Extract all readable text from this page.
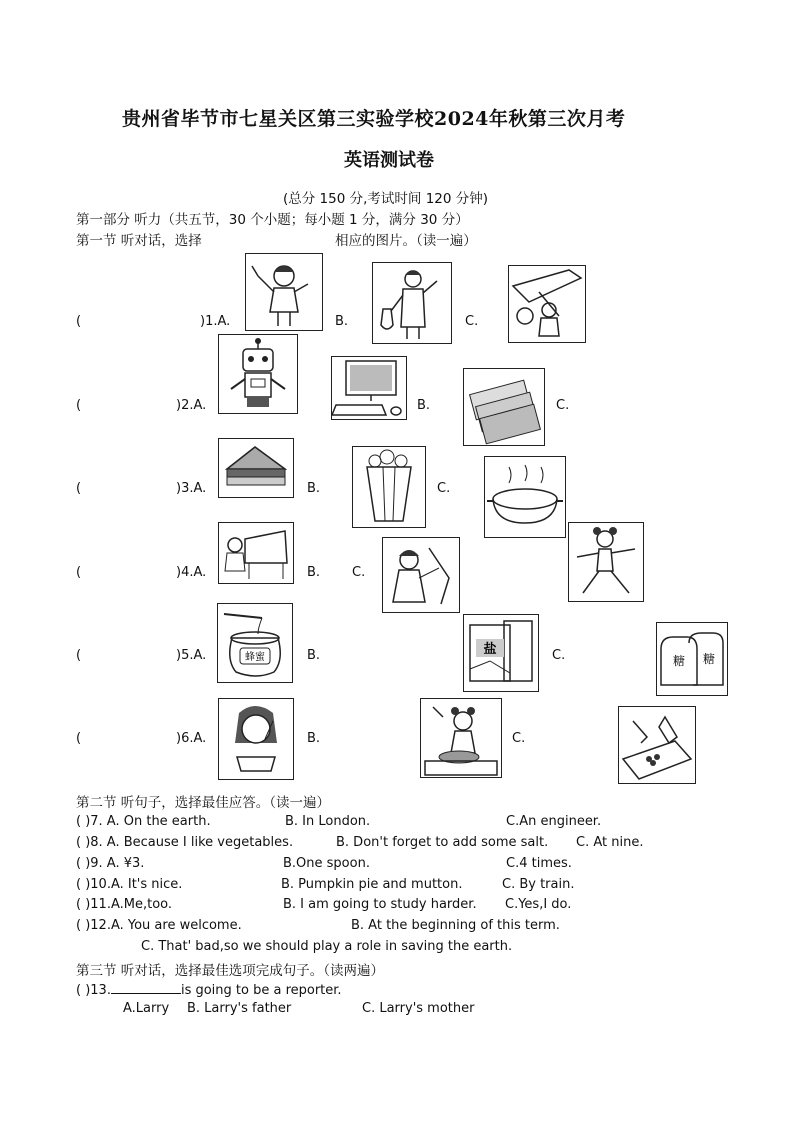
贵州省毕节市七星关区第三实验学校2024年秋第三次月考
英语测试卷
(总分 150 分,考试时间 120 分钟)
第一部分 听力（共五节，30 个小题；每小题 1 分，满分 30 分）
第一节 听对话，选择	相应的图片。（读一遍）
(	)1.A.	B.	C.
(	)2.A.	B.	C.
(	)3.A.	B.	C.
(	)4.A.	B. C.
(	)5.A.	B.	C.
蜂蜜
盐
糖 糖
(	)6.A.	B.	C.
第二节 听句子，选择最佳应答。（读一遍）
( )7. A. On the earth.	B. In London.	C.An engineer.
( )8. A. Because I like vegetables.	B. Don't forget to add some salt. C. At nine.
( )9. A. ¥3.	B.One spoon.	C.4 times.
( )10.A. It's nice.	B. Pumpkin pie and mutton.	C. By train.
( )11.A.Me,too.	B. I am going to study harder. C.Yes,I do.
( )12.A. You are welcome.	B. At the beginning of this term.
C. That' bad,so we should play a role in saving the earth.
第三节 听对话，选择最佳选项完成句子。（读两遍）
( )13.	is going to be a reporter.
A.Larry B. Larry's father	C. Larry's mother
